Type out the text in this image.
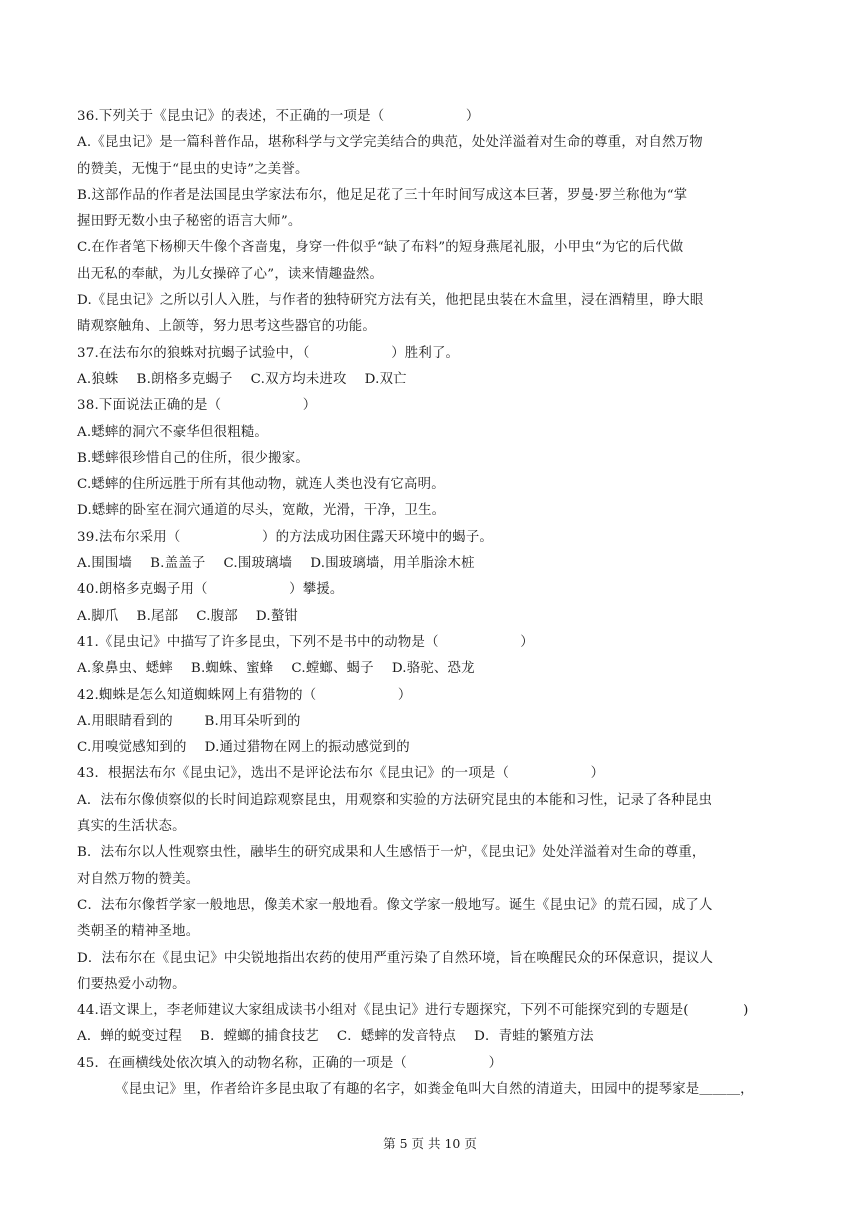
36.下列关于《昆虫记》的表述，不正确的一项是（　　　　　　）
A.《昆虫记》是一篇科普作品，堪称科学与文学完美结合的典范，处处洋溢着对生命的尊重，对自然万物
的赞美，无愧于“昆虫的史诗”之美誉。
B.这部作品的作者是法国昆虫学家法布尔，他足足花了三十年时间写成这本巨著，罗曼·罗兰称他为“掌
握田野无数小虫子秘密的语言大师”。
C.在作者笔下杨柳天牛像个吝啬鬼，身穿一件似乎“缺了布料”的短身燕尾礼服，小甲虫“为它的后代做
出无私的奉献，为儿女操碎了心”，读来情趣盎然。
D.《昆虫记》之所以引人入胜，与作者的独特研究方法有关，他把昆虫装在木盒里，浸在酒精里，睁大眼
睛观察触角、上颌等，努力思考这些器官的功能。
37.在法布尔的狼蛛对抗蝎子试验中，（　　　　　　）胜利了。
A.狼蛛　 B.朗格多克蝎子　 C.双方均未进攻　 D.双亡
38.下面说法正确的是（　　　　　　）
A.蟋蟀的洞穴不豪华但很粗糙。
B.蟋蟀很珍惜自己的住所，很少搬家。
C.蟋蟀的住所远胜于所有其他动物，就连人类也没有它高明。
D.蟋蟀的卧室在洞穴通道的尽头，宽敞，光滑，干净，卫生。
39.法布尔采用（　　　　　　）的方法成功困住露天环境中的蝎子。
A.围围墙　 B.盖盖子　 C.围玻璃墙　 D.围玻璃墙，用羊脂涂木桩
40.朗格多克蝎子用（　　　　　　）攀援。
A.脚爪　 B.尾部　 C.腹部　 D.螯钳
41.《昆虫记》中描写了许多昆虫，下列不是书中的动物是（　　　　　　）
A.象鼻虫、蟋蟀　 B.蜘蛛、蜜蜂　 C.螳螂、蝎子　 D.骆驼、恐龙
42.蜘蛛是怎么知道蜘蛛网上有猎物的（　　　　　　）
A.用眼睛看到的　　 B.用耳朵听到的
C.用嗅觉感知到的　 D.通过猎物在网上的振动感觉到的
43．根据法布尔《昆虫记》，选出不是评论法布尔《昆虫记》的一项是（　　　　　　）
A．法布尔像侦察似的长时间追踪观察昆虫，用观察和实验的方法研究昆虫的本能和习性，记录了各种昆虫
真实的生活状态。
B．法布尔以人性观察虫性，融毕生的研究成果和人生感悟于一炉，《昆虫记》处处洋溢着对生命的尊重，
对自然万物的赞美。
C．法布尔像哲学家一般地思，像美术家一般地看。像文学家一般地写。诞生《昆虫记》的荒石园，成了人
类朝圣的精神圣地。
D．法布尔在《昆虫记》中尖锐地指出农药的使用严重污染了自然环境，旨在唤醒民众的环保意识，提议人
们要热爱小动物。
44.语文课上，李老师建议大家组成读书小组对《昆虫记》进行专题探究，下列不可能探究到的专题是(　　　　)
A．蝉的蜕变过程　 B．螳螂的捕食技艺　 C．蟋蟀的发音特点　 D．青蛙的繁殖方法
45．在画横线处依次填入的动物名称，正确的一项是（　　　　　　）
《昆虫记》里，作者给许多昆虫取了有趣的名字，如粪金龟叫大自然的清道夫，田园中的提琴家是＿＿＿，
第 5 页 共 10 页
